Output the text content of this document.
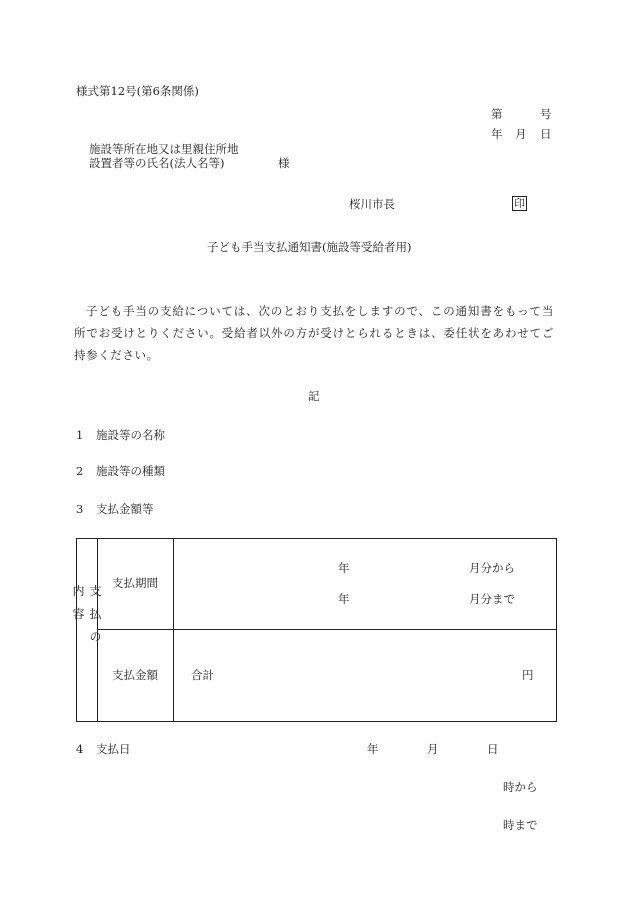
様式第12号(第6条関係)
第	号
年 月 日
施設等所在地又は里親住所地
設置者等の氏名(法人名等)	様
桜川市長	印
子ども手当支払通知書(施設等受給者用)
子ども手当の支給については、次のとおり支払をしますので、この通知書をもって当所でお受けとりください。受給者以外の方が受けとられるときは、委任状をあわせてご持参ください。
記
1 施設等の名称
2 施設等の種類
3 支払金額等
支払の内容	支払期間	年 月分から
年 月分まで

	支払金額	合計 円
4 支払日	年	月	日
時から
時まで
